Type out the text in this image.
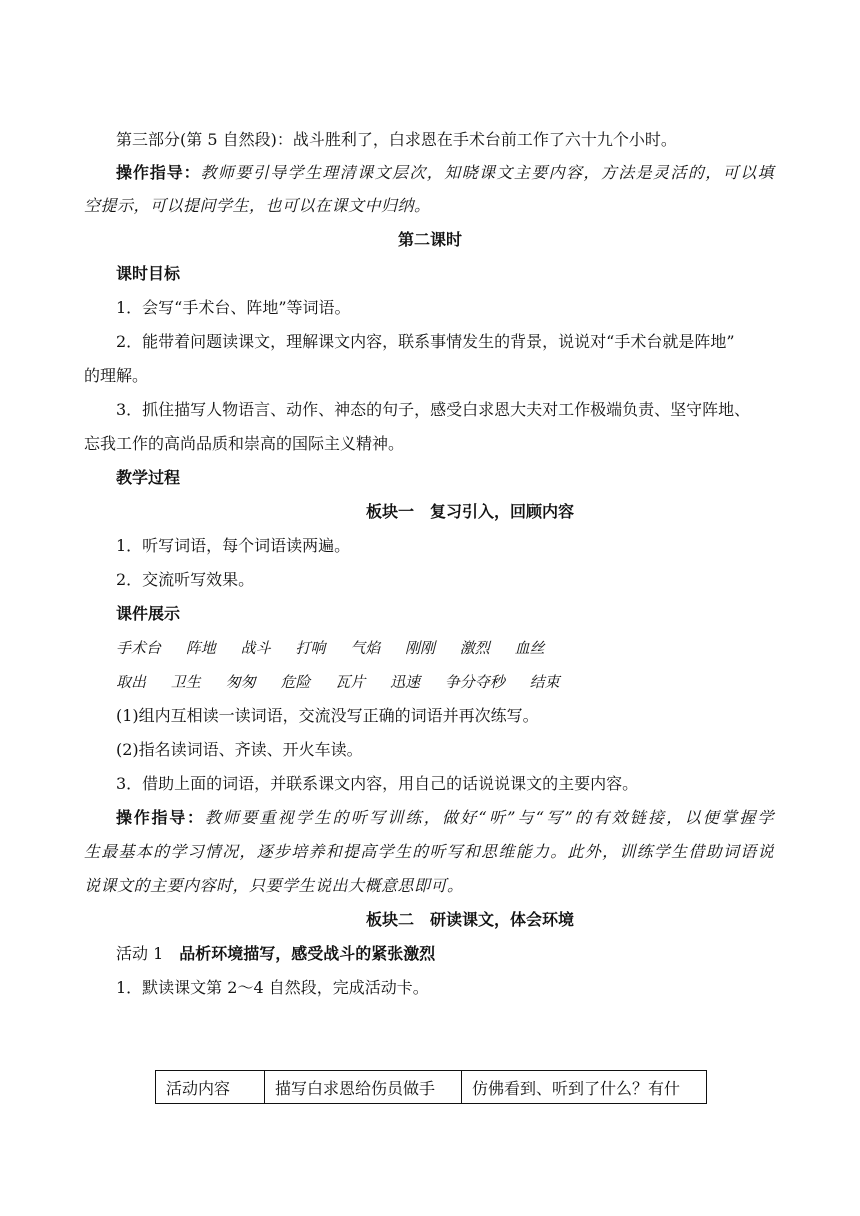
第三部分(第 5 自然段)：战斗胜利了，白求恩在手术台前工作了六十九个小时。
操作指导：教师要引导学生理清课文层次，知晓课文主要内容，方法是灵活的，可以填
空提示，可以提问学生，也可以在课文中归纳。
第二课时
课时目标
1．会写“手术台、阵地”等词语。
2．能带着问题读课文，理解课文内容，联系事情发生的背景，说说对“手术台就是阵地”
的理解。
3．抓住描写人物语言、动作、神态的句子，感受白求恩大夫对工作极端负责、坚守阵地、
忘我工作的高尚品质和崇高的国际主义精神。
教学过程
板块一　复习引入，回顾内容
1．听写词语，每个词语读两遍。
2．交流听写效果。
课件展示
手术台 阵地 战斗 打响 气焰 刚刚 激烈 血丝
取出 卫生 匆匆 危险 瓦片 迅速 争分夺秒 结束
(1)组内互相读一读词语，交流没写正确的词语并再次练写。
(2)指名读词语、齐读、开火车读。
3．借助上面的词语，并联系课文内容，用自己的话说说课文的主要内容。
操作指导：教师要重视学生的听写训练，做好“听”与“写”的有效链接，以便掌握学
生最基本的学习情况，逐步培养和提高学生的听写和思维能力。此外，训练学生借助词语说
说课文的主要内容时，只要学生说出大概意思即可。
板块二　研读课文，体会环境
活动 1　品析环境描写，感受战斗的紧张激烈
1．默读课文第 2～4 自然段，完成活动卡。
活动内容	描写白求恩给伤员做手	仿佛看到、听到了什么？有什
